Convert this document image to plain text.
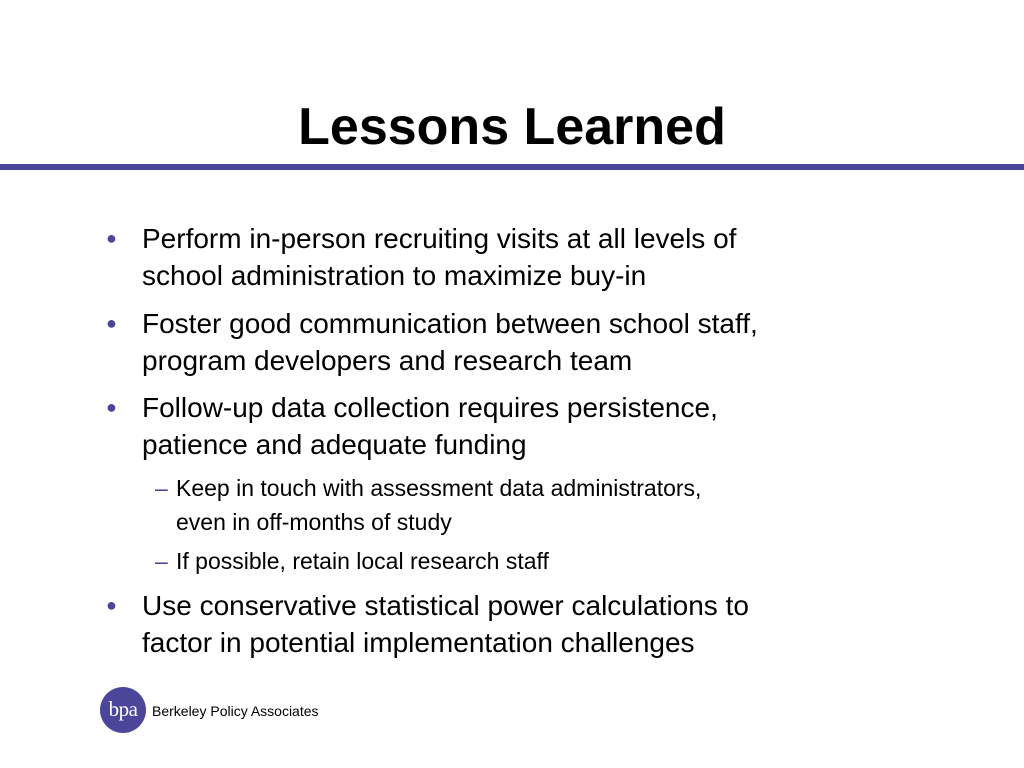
Lessons Learned
● Perform in-person recruiting visits at all levels of
school administration to maximize buy-in
● Foster good communication between school staff,
program developers and research team
● Follow-up data collection requires persistence,
patience and adequate funding
– Keep in touch with assessment data administrators,
even in off-months of study
– If possible, retain local research staff
● Use conservative statistical power calculations to
factor in potential implementation challenges
bpa	Berkeley Policy Associates
